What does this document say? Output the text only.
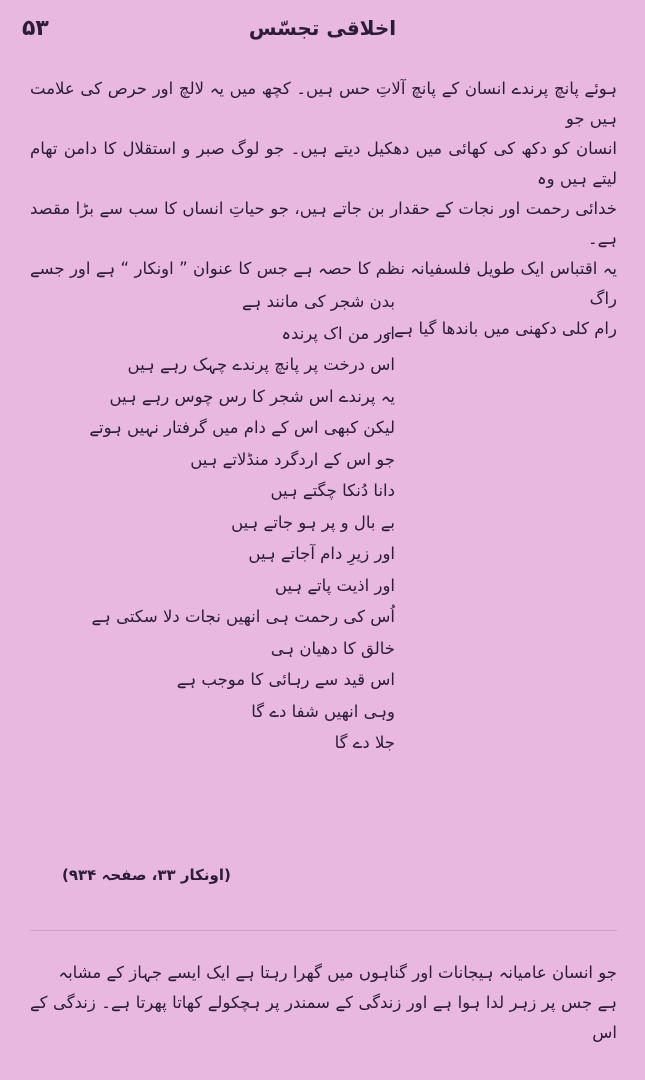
۵۳	اخلاقی تجسّس
ہوئے پانچ پرندے انسان کے پانچ آلاتِ حس ہیں۔ کچھ میں یہ لالچ اور حرص کی علامت ہیں جو
انسان کو دکھ کی کھائی میں دھکیل دیتے ہیں۔ جو لوگ صبر و استقلال کا دامن تھام لیتے ہیں وہ
خدائی رحمت اور نجات کے حقدار بن جاتے ہیں، جو حیاتِ انساں کا سب سے بڑا مقصد ہے۔
یہ اقتباس ایک طویل فلسفیانہ نظم کا حصہ ہے جس کا عنوان ” اونکار “ ہے اور جسے راگ
رام کلی دکھنی میں باندھا گیا ہے۔
بدن شجر کی مانند ہے
اور من اک پرندہ
اس درخت پر پانچ پرندے چہک رہے ہیں
یہ پرندے اس شجر کا رس چوس رہے ہیں
لیکن کبھی اس کے دام میں گرفتار نہیں ہوتے
جو اس کے اردگرد منڈلاتے ہیں
دانا دُنکا چگتے ہیں
بے بال و پر ہو جاتے ہیں
اور زیرِ دام آجاتے ہیں
اور اذیت پاتے ہیں
اُس کی رحمت ہی انھیں نجات دلا سکتی ہے
خالق کا دھیان ہی
اس قید سے رہائی کا موجب ہے
وہی انھیں شفا دے گا
جلا دے گا
(اونکار ۳۳، صفحہ ۹۳۴)
جو انسان عامیانہ ہیجانات اور گناہوں میں گھرا رہتا ہے ایک ایسے جہاز کے مشابہ
ہے جس پر زہر لدا ہوا ہے اور زندگی کے سمندر پر ہچکولے کھاتا پھرتا ہے۔ زندگی کے اس
